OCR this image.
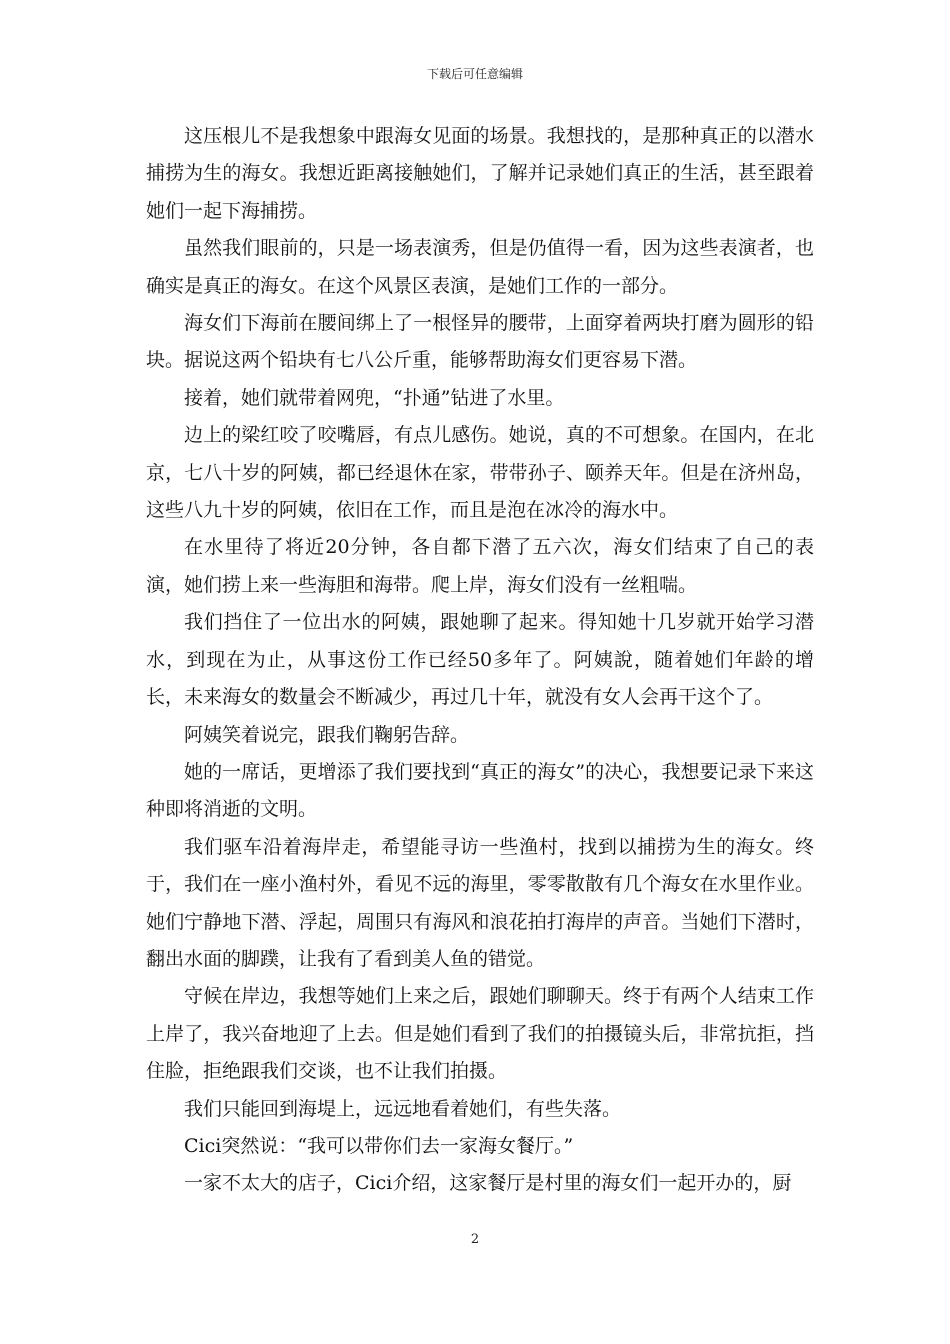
下载后可任意编辑

这压根儿不是我想象中跟海女见面的场景。我想找的，是那种真正的以潜水捕捞为生的海女。我想近距离接触她们，了解并记录她们真正的生活，甚至跟着她们一起下海捕捞。

虽然我们眼前的，只是一场表演秀，但是仍值得一看，因为这些表演者，也确实是真正的海女。在这个风景区表演，是她们工作的一部分。

海女们下海前在腰间绑上了一根怪异的腰带，上面穿着两块打磨为圆形的铅块。据说这两个铅块有七八公斤重，能够帮助海女们更容易下潜。

接着，她们就带着网兜，“扑通”钻进了水里。

边上的梁红咬了咬嘴唇，有点儿感伤。她说，真的不可想象。在国内，在北京，七八十岁的阿姨，都已经退休在家，带带孙子、颐养天年。但是在济州岛，这些八九十岁的阿姨，依旧在工作，而且是泡在冰冷的海水中。

在水里待了将近20分钟，各自都下潜了五六次，海女们结束了自己的表演，她们捞上来一些海胆和海带。爬上岸，海女们没有一丝粗喘。

我们挡住了一位出水的阿姨，跟她聊了起来。得知她十几岁就开始学习潜水，到现在为止，从事这份工作已经50多年了。阿姨說，随着她们年龄的增长，未来海女的数量会不断减少，再过几十年，就没有女人会再干这个了。

阿姨笑着说完，跟我们鞠躬告辞。

她的一席话，更增添了我们要找到“真正的海女”的决心，我想要记录下来这种即将消逝的文明。

我们驱车沿着海岸走，希望能寻访一些渔村，找到以捕捞为生的海女。终于，我们在一座小渔村外，看见不远的海里，零零散散有几个海女在水里作业。她们宁静地下潜、浮起，周围只有海风和浪花拍打海岸的声音。当她们下潜时，翻出水面的脚蹼，让我有了看到美人鱼的错觉。

守候在岸边，我想等她们上来之后，跟她们聊聊天。终于有两个人结束工作上岸了，我兴奋地迎了上去。但是她们看到了我们的拍摄镜头后，非常抗拒，挡住脸，拒绝跟我们交谈，也不让我们拍摄。

我们只能回到海堤上，远远地看着她们，有些失落。

Cici突然说：“我可以带你们去一家海女餐厅。”

一家不太大的店子，Cici介绍，这家餐厅是村里的海女们一起开办的，厨

2
